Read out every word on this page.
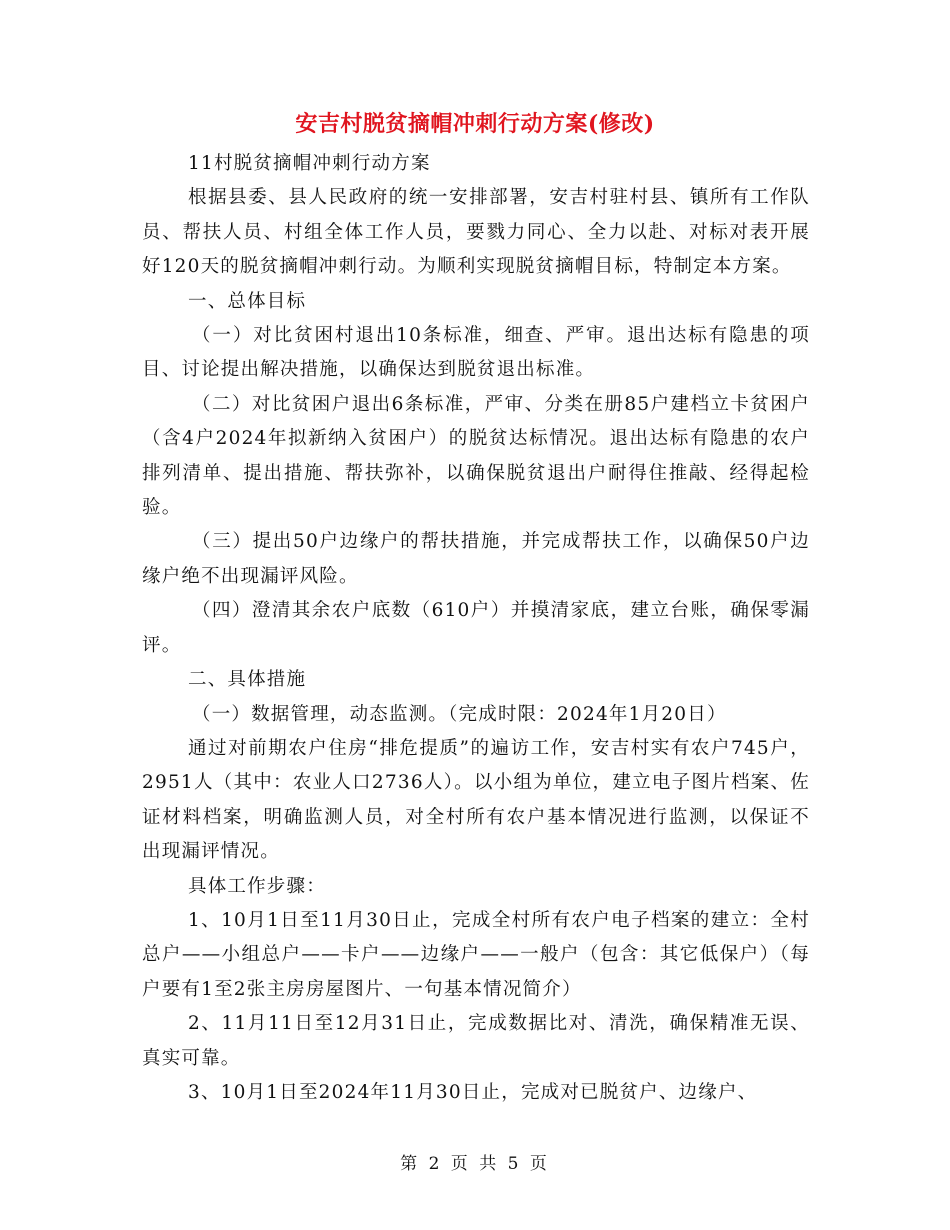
安吉村脱贫摘帽冲刺行动方案(修改)

11村脱贫摘帽冲刺行动方案

根据县委、县人民政府的统一安排部署，安吉村驻村县、镇所有工作队员、帮扶人员、村组全体工作人员，要戮力同心、全力以赴、对标对表开展好120天的脱贫摘帽冲刺行动。为顺利实现脱贫摘帽目标，特制定本方案。

一、总体目标

（一）对比贫困村退出10条标准，细查、严审。退出达标有隐患的项目、讨论提出解决措施，以确保达到脱贫退出标准。

（二）对比贫困户退出6条标准，严审、分类在册85户建档立卡贫困户（含4户2024年拟新纳入贫困户）的脱贫达标情况。退出达标有隐患的农户排列清单、提出措施、帮扶弥补，以确保脱贫退出户耐得住推敲、经得起检验。

（三）提出50户边缘户的帮扶措施，并完成帮扶工作，以确保50户边缘户绝不出现漏评风险。

（四）澄清其余农户底数（610户）并摸清家底，建立台账，确保零漏评。

二、具体措施

（一）数据管理，动态监测。（完成时限：2024年1月20日）

通过对前期农户住房“排危提质”的遍访工作，安吉村实有农户745户，2951人（其中：农业人口2736人）。以小组为单位，建立电子图片档案、佐证材料档案，明确监测人员，对全村所有农户基本情况进行监测，以保证不出现漏评情况。

具体工作步骤：

1、10月1日至11月30日止，完成全村所有农户电子档案的建立：全村总户——小组总户——卡户——边缘户——一般户（包含：其它低保户）（每户要有1至2张主房房屋图片、一句基本情况简介）

2、11月11日至12月31日止，完成数据比对、清洗，确保精准无误、真实可靠。

3、10月1日至2024年11月30日止，完成对已脱贫户、边缘户、

第 2 页 共 5 页
